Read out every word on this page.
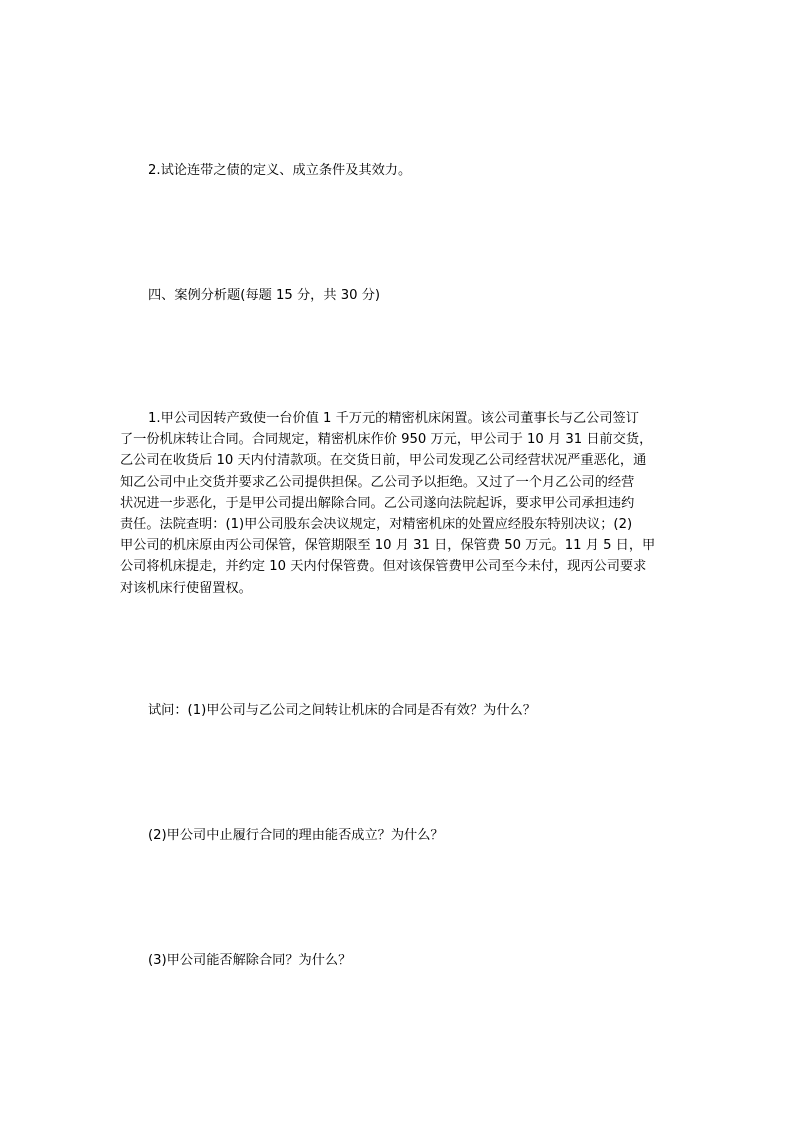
2.试论连带之债的定义、成立条件及其效力。

四、案例分析题(每题 15 分，共 30 分)

1.甲公司因转产致使一台价值 1 千万元的精密机床闲置。该公司董事长与乙公司签订
了一份机床转让合同。合同规定，精密机床作价 950 万元，甲公司于 10 月 31 日前交货，
乙公司在收货后 10 天内付清款项。在交货日前，甲公司发现乙公司经营状况严重恶化，通
知乙公司中止交货并要求乙公司提供担保。乙公司予以拒绝。又过了一个月乙公司的经营
状况进一步恶化，于是甲公司提出解除合同。乙公司遂向法院起诉，要求甲公司承担违约
责任。法院查明：(1)甲公司股东会决议规定，对精密机床的处置应经股东特别决议；(2)
甲公司的机床原由丙公司保管，保管期限至 10 月 31 日，保管费 50 万元。11 月 5 日，甲
公司将机床提走，并约定 10 天内付保管费。但对该保管费甲公司至今未付，现丙公司要求
对该机床行使留置权。

试问：(1)甲公司与乙公司之间转让机床的合同是否有效？为什么？

(2)甲公司中止履行合同的理由能否成立？为什么？

(3)甲公司能否解除合同？为什么？
